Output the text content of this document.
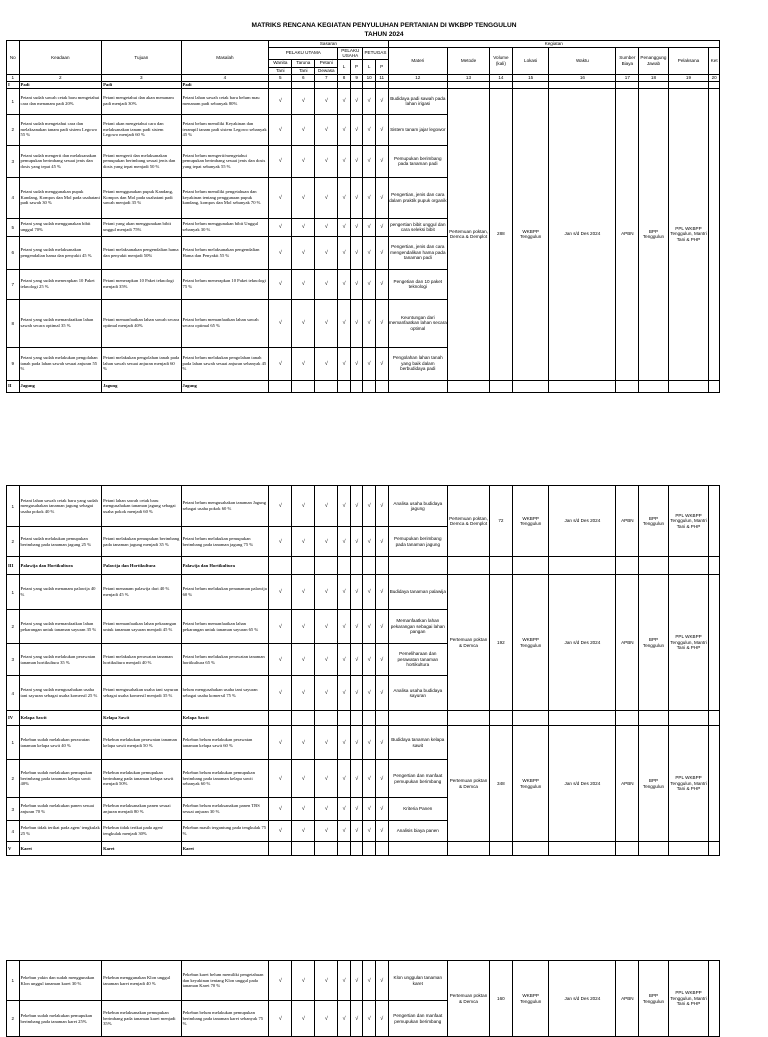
MATRIKS RENCANA KEGIATAN PENYULUHAN PERTANIAN DI WKBPP TENGGULUN
TAHUN 2024
No	Keadaan	Tujuan	Masalah	Sasaran							Kegiatan								
				PELAKU UTAMA			PELAKU USAHA		PETUGAS		Materi	Metode	Volume (kali)	Lokasi	Waktu	Sumber Biaya	Penanggung Jawab	Pelaksana	Ket
				Wanita	Taruna	Petani	L	P	L	P									
				Tani	Tani	Dewasa													
1	2	3	4	5	6	7	8	9	10	11	12	13	14	15	16	17	18	19	20
I	Padi	Padi	Padi																
1	Petani sudah sawah cetak baru mengetahui cara dan menanam padi 20%	Petani mengetahui dan akan menanam padi menjadi 30%	Petani lahan sawah cetak baru belum mau menanam padi sebanyak 80%	√	√	√	√	√	√	√	Budidaya padi sawah pada lahan irigasi	Pertemuan poktan, Demca & Demplot	288	WKBPP Tenggulun	Jan s/d Des 2024	APBN	BPP Tenggulun	PPL WKBPP Tenggulun, Mantri Tani & PHP	
2	Petani sudah mengetahui cara dan melaksanakan tanam padi sistem Legowo 55 %	Petani akan mengetahui cara dan melaksanakan tanam padi sistem Legowo menjadi 60 %	Petani belum memiliki Keyakinan dan terampil tanam padi sistem Legowo sebanyak 45 %	√	√	√	√	√	√	√	Sistem tanam jajar legowor								
3	Petani sudah mengerti dan melaksanakan pemupukan berimbang sesuai jenis dan dosis yang tepat 45 %	Petani mengerti dan melaksanakan pemupukan berimbang sesuai jenis dan dosis yang tepat menjadi 50 %	Petani belum mengerti/mengetahui pemupukan berimbang sesuai jenis dan dosis yang tepat sebanyak 55 %	√	√	√	√	√	√	√	Pemupukan berimbang pada tanaman padi								
4	Petani sudah menggunakan pupuk Kandang, Kompos dan Mol pada usahatani padi sawah 30 %	Petani menggunakan pupuk Kandang, Kompos dan Mol pada usahatani padi sawah menjadi 35 %	Petani belum memiliki pengetahuan dan keyakinan tentang penggunaan pupuk kandang, kompos dan Mol sebanyak 70 %	√	√	√	√	√	√	√	Pengertian, jenis dan cara dalam praktik pupuk organik								
5	Petani yang sudah menggunakan bibit unggul 70%	Petani yang akan menggunakan bibit unggul menjadi 75%	Petani belum menggunakan bibit Unggul sebanyak 30 %	√	√	√	√	√	√	√	pengertian bibit unggul dan cara seleksi bibit								
6	Petani yang sudah melaksanakan pengendalian hama dan penyakit 45 %	Petani melaksanakan pengendalian hama dan penyakit menjadi 50%	Petani belum melaksanakan pengendalian Hama dan Penyakit 55 %	√	√	√	√	√	√	√	Pengertian, jenis dan cara mengendalikan hama pada tanaman padi								
7	Petani yang sudah menerapkan 10 Paket teknologi 25 %	Petani menerapkan 10 Paket teknologi menjadi 35%	Petani belum menerapkan 10 Paket teknologi 75 %	√	√	√	√	√	√	√	Pengetian dan 10 paket teknologi								
8	Petani yang sudah memanfaatkan lahan sawah secara optimal 35 %	Petani memanfaatkan lahan sawah secara optimal menjadi 40%	Petani belum memanfaatkan lahan sawah secara optimal 65 %	√	√	√	√	√	√	√	Keuntungan dari memanfaatkan lahan secara optimal								
9	Petani yang sudah melakukan pengolahan tanah pada lahan sawah sesuai anjuran 55 %	Petani melakukan pengolahan tanah pada lahan sawah sesuai anjuran menjadi 60 %	Petani belum melakukan pengolahan tanah pada lahan sawah sesuai anjuran sebanyak 45 %	√	√	√	√	√	√	√	Pengolahan lahan tanah yang baik dalam berbudidaya padi								
II	Jagung	Jagung	Jagung																
1	Petani lahan sawah cetak baru yang sudah mengusahakan tanaman jagung sebagai usaha pokok 40 %	Petani lahan sawah cetak baru mengusahakan tanaman jagung sebagai usaha pokok menjadi 60 %	Petani belum mengusahakan tanaman Jagung sebagai usaha pokok 60 %	√	√	√	√	√	√	√	Analisa usaha budidaya jagung	Pertemuan poktan, Demca & Demplot	72	WKBPP Tenggulun	Jan s/d Des 2024	APBN	BPP Tenggulun	PPL WKBPP Tenggulun, Mantri Tani & PHP	
2	Petani sudah melakukan pemupukan berimbang pada tanaman jagung 25 %	Petani melakukan pemupukan berimbang pada tanaman jagung menjadi 35 %	Petani belum melakukan pemupukan berimbang pada tanaman jagung 75 %	√	√	√	√	√	√	√	Pemupukan berimbang pada tanaman jagung								
III	Palawija dan Hortikultura	Palawija dan Hortikultura	Palawija dan Hortikultura																
1	Petani yang sudah menanam palawija 40 %	Petani menanam palawija dari 40 % menjadi 45 %	Petani belum melakukan penanaman palawija 60 %	√	√	√	√	√	√	√	Budidaya tanaman palawija	Pertemuan poktan & Demca	192	WKBPP Tenggulun	Jan s/d Des 2024	APBN	BPP Tenggulun	PPL WKBPP Tenggulun, Mantri Tani & PHP	
2	Petani yang sudah memanfaatkan lahan pekarangan untuk tanaman sayuran 35 %	Petani memanfaatkan lahan pekarangan untuk tanaman sayuran menjadi 45 %	Petani belum memanfaatkan lahan pekarangan untuk tanaman sayuran 65 %	√	√	√	√	√	√	√	Memanfaatkan lahan pekarangan sebagai lahan pangan								
3	Petani yang sudah melakukan perawatan tanaman hortikultura 35 %	Petani melakukan perawatan tanaman hortikultura menjadi 40 %	Petani belum melakukan perawatan tanaman hortikultura 65 %	√	√	√	√	√	√	√	Pemeliharaan dan perawatan tanaman hortikultura								
4	Petani yang sudah mengusahakan usaha tani sayuran sebagai usaha komersil 25 %	Petani mengusahakan usaha tani sayuran sebagai usaha komersil menjadi 35 %	belum mengusahakan usaha tani sayuran sebagai usaha komersil 75 %	√	√	√	√	√	√	√	Analisa usaha budidaya sayuran								
IV	Kelapa Sawit	Kelapa Sawit	Kelapa Sawit																
1	Pekebun sudah melakukan perawatan tanaman kelapa sawit 40 %	Pekebun melakukan perawatan tanaman kelapa sawit menjadi 50 %	Pekebun belum melakukan perawatan tanaman kelapa sawit 60 %	√	√	√	√	√	√	√	Budidaya tanaman kelapa sawit	Pertemuan poktan & Demca	348	WKBPP Tenggulun	Jan s/d Des 2024	APBN	BPP Tenggulun	PPL WKBPP Tenggulun, Mantri Tani & PHP	
2	Pekebun sudah melakukan pemupukan berimbang pada tanaman kelapa sawit 40%	Pekebun melakukan pemupukan berimbang pada tanaman kelapa sawit menjadi 50%	Pekebun belum melakukan pemupukan berimbang pada tanaman kelapa sawit sebanyak 60 %	√	√	√	√	√	√	√	Pengertian dan manfaat pemupukan berimbang								
3	Pekebun sudah melakukan panen sesuai anjuran 70 %	Pekebun melaksanakan panen sesuai anjuran menjadi 80 %	Pekebun belum melaksanakan panen TBS sesuai anjuran 30 %	√	√	√	√	√	√	√	Kriteria Panen								
4	Pekebun tidak terikat pada agen/ tengkulak 25 %	Pekebun tidak terikat pada agen/ tengkulak menjadi 30%	Pekebun masih tergantung pada tengkulak 75 %	√	√	√	√	√	√	√	Analisis biaya panen								
V	Karet	Karet	Karet																
1	Pekebun yakin dan sudah menggunakan Klon unggul tanaman karet 30 %	Pekebun menggunakan Klon unggul tanaman karet menjadi 40 %	Pekebun karet belum memiliki pengetahuan dan keyakinan tentang Klon unggul pada tanaman Karet 70 %	√	√	√	√	√	√	√	Klon unggulan tanaman karet	Pertemuan poktan & Demca	160	WKBPP Tenggulun	Jan s/d Des 2024	APBN	BPP Tenggulun	PPL WKBPP Tenggulun, Mantri Tani & PHP	
2	Pekebun sudah melakukan pemupukan berimbang pada tanaman karet 25%	Pekebun melaksanakan pemupukan berimbang pada tanaman karet menjadi 35%	Pekebun belum melakukan pemupukan berimbang pada tanaman karet sebanyak 75 %	√	√	√	√	√	√	√	Pengertian dan manfaat pemupukan berimbang								
